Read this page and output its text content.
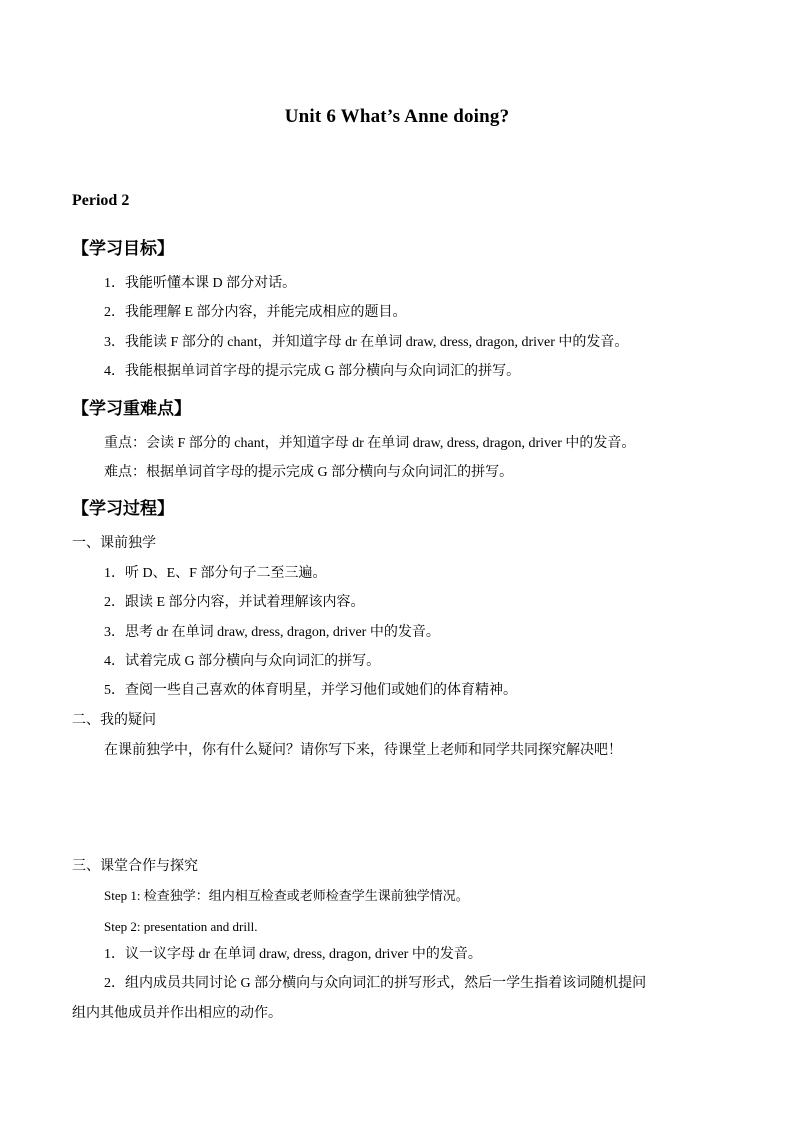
Unit 6 What’s Anne doing?
Period 2
【学习目标】
1．我能听懂本课 D 部分对话。
2．我能理解 E 部分内容，并能完成相应的题目。
3．我能读 F 部分的 chant，并知道字母 dr 在单词 draw, dress, dragon, driver 中的发音。
4．我能根据单词首字母的提示完成 G 部分横向与众向词汇的拼写。
【学习重难点】
重点：会读 F 部分的 chant，并知道字母 dr 在单词 draw, dress, dragon, driver 中的发音。
难点：根据单词首字母的提示完成 G 部分横向与众向词汇的拼写。
【学习过程】
一、课前独学
1．听 D、E、F 部分句子二至三遍。
2．跟读 E 部分内容，并试着理解该内容。
3．思考 dr 在单词 draw, dress, dragon, driver 中的发音。
4．试着完成 G 部分横向与众向词汇的拼写。
5．查阅一些自己喜欢的体育明星，并学习他们或她们的体育精神。
二、我的疑问
在课前独学中，你有什么疑问？请你写下来，待课堂上老师和同学共同探究解决吧！
三、课堂合作与探究
Step 1: 检查独学：组内相互检查或老师检查学生课前独学情况。
Step 2: presentation and drill.
1．议一议字母 dr 在单词 draw, dress, dragon, driver 中的发音。
2．组内成员共同讨论 G 部分横向与众向词汇的拼写形式，然后一学生指着该词随机提问
组内其他成员并作出相应的动作。
